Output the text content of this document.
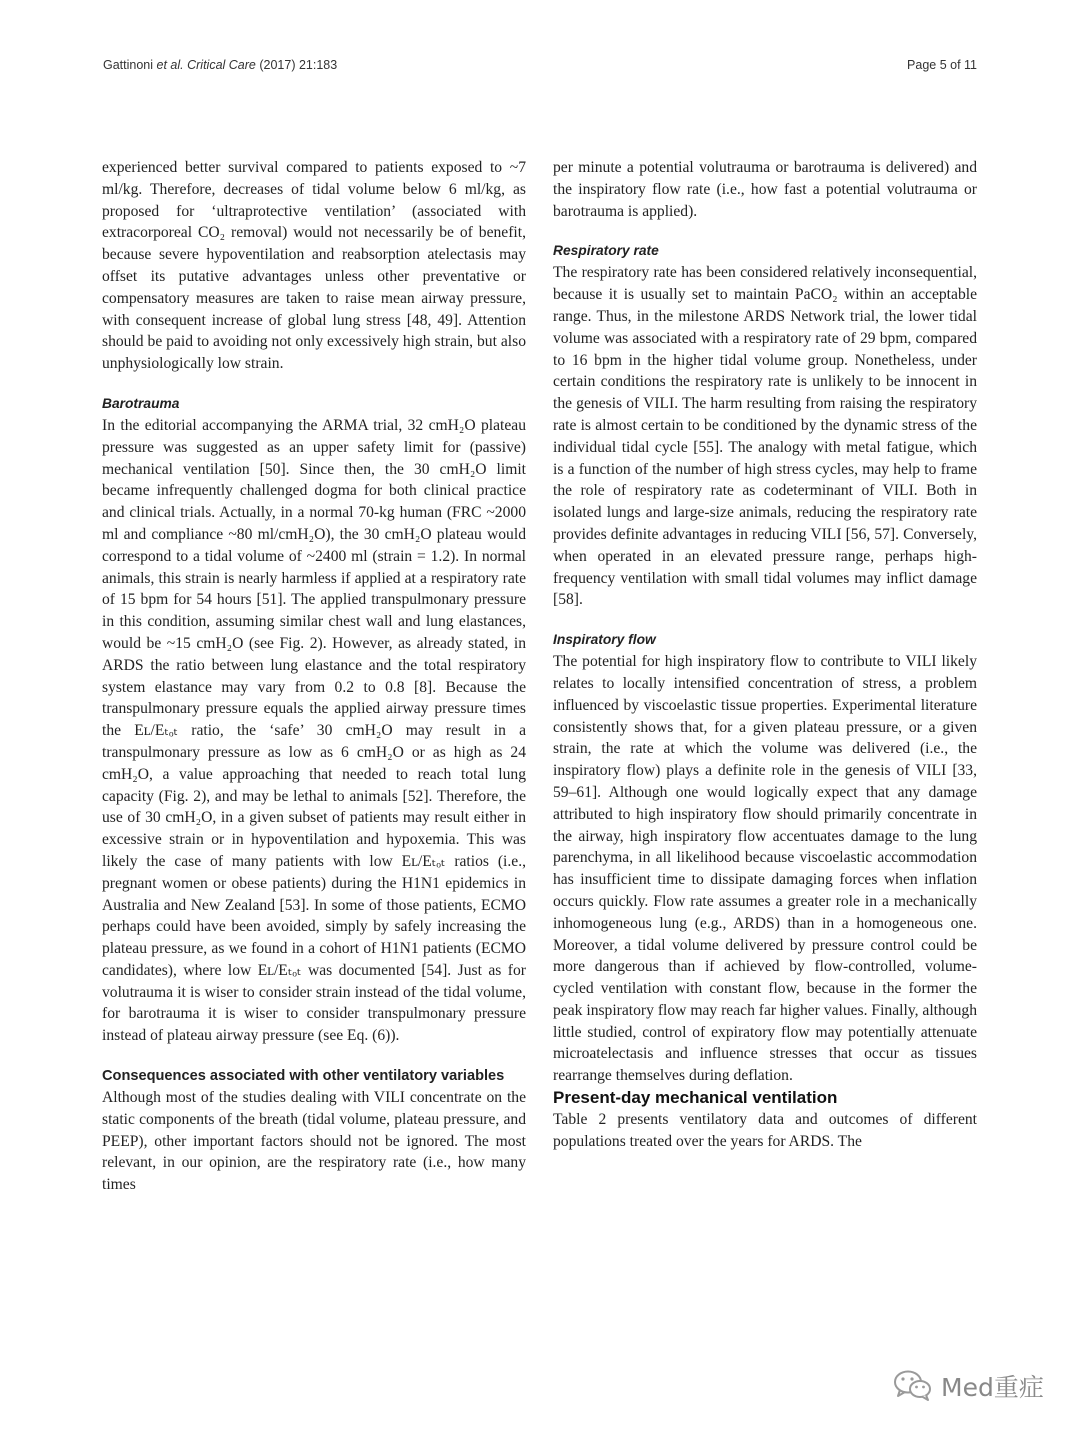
Gattinoni et al. Critical Care (2017) 21:183	Page 5 of 11

experienced better survival compared to patients exposed to ~7 ml/kg. Therefore, decreases of tidal volume below 6 ml/kg, as proposed for ‘ultraprotective ventilation’ (associated with extracorporeal CO₂ removal) would not necessarily be of benefit, because severe hypoventilation and reabsorption atelectasis may offset its putative advantages unless other preventative or compensatory measures are taken to raise mean airway pressure, with consequent increase of global lung stress [48, 49]. Attention should be paid to avoiding not only excessively high strain, but also unphysiologically low strain.

Barotrauma

In the editorial accompanying the ARMA trial, 32 cmH₂O plateau pressure was suggested as an upper safety limit for (passive) mechanical ventilation [50]. Since then, the 30 cmH₂O limit became infrequently challenged dogma for both clinical practice and clinical trials. Actually, in a normal 70-kg human (FRC ~2000 ml and compliance ~80 ml/cmH₂O), the 30 cmH₂O plateau would correspond to a tidal volume of ~2400 ml (strain = 1.2). In normal animals, this strain is nearly harmless if applied at a respiratory rate of 15 bpm for 54 hours [51]. The applied transpulmonary pressure in this condition, assuming similar chest wall and lung elastances, would be ~15 cmH₂O (see Fig. 2). However, as already stated, in ARDS the ratio between lung elastance and the total respiratory system elastance may vary from 0.2 to 0.8 [8]. Because the transpulmonary pressure equals the applied airway pressure times the Eʟ/Eₜₒₜ ratio, the ‘safe’ 30 cmH₂O may result in a transpulmonary pressure as low as 6 cmH₂O or as high as 24 cmH₂O, a value approaching that needed to reach total lung capacity (Fig. 2), and may be lethal to animals [52]. Therefore, the use of 30 cmH₂O, in a given subset of patients may result either in excessive strain or in hypoventilation and hypoxemia. This was likely the case of many patients with low Eʟ/Eₜₒₜ ratios (i.e., pregnant women or obese patients) during the H1N1 epidemics in Australia and New Zealand [53]. In some of those patients, ECMO perhaps could have been avoided, simply by safely increasing the plateau pressure, as we found in a cohort of H1N1 patients (ECMO candidates), where low Eʟ/Eₜₒₜ was documented [54]. Just as for volutrauma it is wiser to consider strain instead of the tidal volume, for barotrauma it is wiser to consider transpulmonary pressure instead of plateau airway pressure (see Eq. (6)).

Consequences associated with other ventilatory variables

Although most of the studies dealing with VILI concentrate on the static components of the breath (tidal volume, plateau pressure, and PEEP), other important factors should not be ignored. The most relevant, in our opinion, are the respiratory rate (i.e., how many times

per minute a potential volutrauma or barotrauma is delivered) and the inspiratory flow rate (i.e., how fast a potential volutrauma or barotrauma is applied).

Respiratory rate

The respiratory rate has been considered relatively inconsequential, because it is usually set to maintain PaCO₂ within an acceptable range. Thus, in the milestone ARDS Network trial, the lower tidal volume was associated with a respiratory rate of 29 bpm, compared to 16 bpm in the higher tidal volume group. Nonetheless, under certain conditions the respiratory rate is unlikely to be innocent in the genesis of VILI. The harm resulting from raising the respiratory rate is almost certain to be conditioned by the dynamic stress of the individual tidal cycle [55]. The analogy with metal fatigue, which is a function of the number of high stress cycles, may help to frame the role of respiratory rate as codeterminant of VILI. Both in isolated lungs and large-size animals, reducing the respiratory rate provides definite advantages in reducing VILI [56, 57]. Conversely, when operated in an elevated pressure range, perhaps high-frequency ventilation with small tidal volumes may inflict damage [58].

Inspiratory flow

The potential for high inspiratory flow to contribute to VILI likely relates to locally intensified concentration of stress, a problem influenced by viscoelastic tissue properties. Experimental literature consistently shows that, for a given plateau pressure, or a given strain, the rate at which the volume was delivered (i.e., the inspiratory flow) plays a definite role in the genesis of VILI [33, 59–61]. Although one would logically expect that any damage attributed to high inspiratory flow should primarily concentrate in the airway, high inspiratory flow accentuates damage to the lung parenchyma, in all likelihood because viscoelastic accommodation has insufficient time to dissipate damaging forces when inflation occurs quickly. Flow rate assumes a greater role in a mechanically inhomogeneous lung (e.g., ARDS) than in a homogeneous one. Moreover, a tidal volume delivered by pressure control could be more dangerous than if achieved by flow-controlled, volume-cycled ventilation with constant flow, because in the former the peak inspiratory flow may reach far higher values. Finally, although little studied, control of expiratory flow may potentially attenuate microatelectasis and influence stresses that occur as tissues rearrange themselves during deflation.

Present-day mechanical ventilation

Table 2 presents ventilatory data and outcomes of different populations treated over the years for ARDS. The

Med重症
